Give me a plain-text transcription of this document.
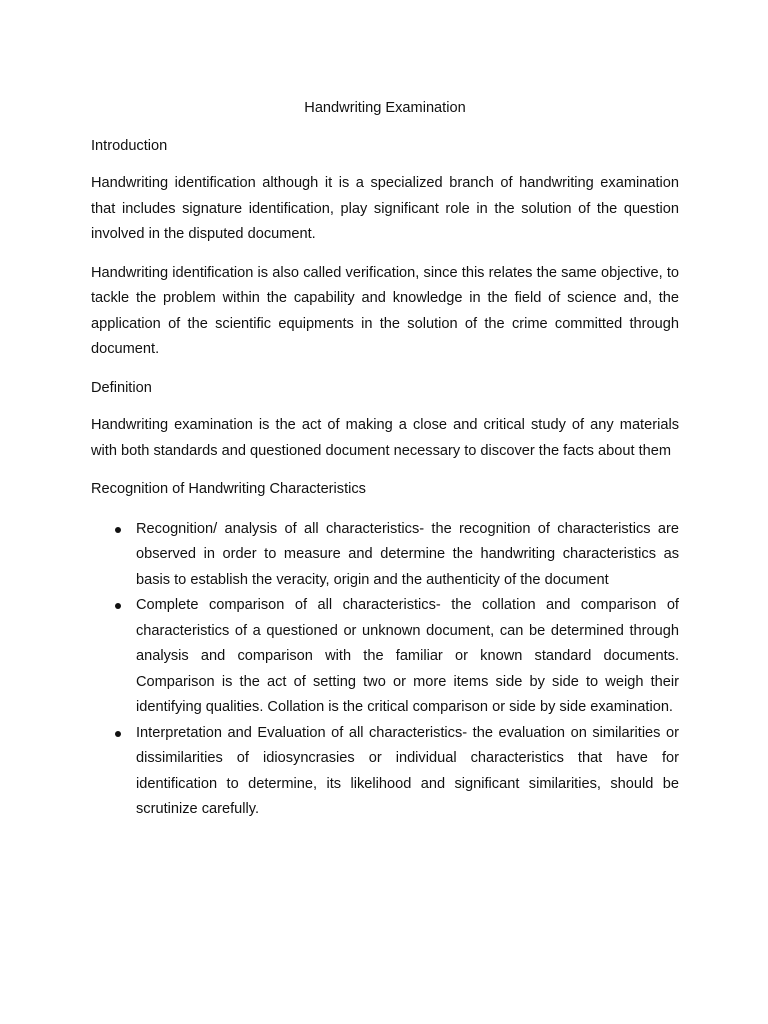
Handwriting Examination
Introduction

Handwriting identification although it is a specialized branch of handwriting examination that includes signature identification, play significant role in the solution of the question involved in the disputed document.

Handwriting identification is also called verification, since this relates the same objective, to tackle the problem within the capability and knowledge in the field of science and, the application of the scientific equipments in the solution of the crime committed through document.

Definition

Handwriting examination is the act of making a close and critical study of any materials with both standards and questioned document necessary to discover the facts about them

Recognition of Handwriting Characteristics
Recognition/ analysis of all characteristics- the recognition of characteristics are observed in order to measure and determine the handwriting characteristics as basis to establish the veracity, origin and the authenticity of the document
Complete comparison of all characteristics- the collation and comparison of characteristics of a questioned or unknown document, can be determined through analysis and comparison with the familiar or known standard documents. Comparison is the act of setting two or more items side by side to weigh their identifying qualities. Collation is the critical comparison or side by side examination.
Interpretation and Evaluation of all characteristics- the evaluation on similarities or dissimilarities of idiosyncrasies or individual characteristics that have for identification to determine, its likelihood and significant similarities, should be scrutinize carefully.
